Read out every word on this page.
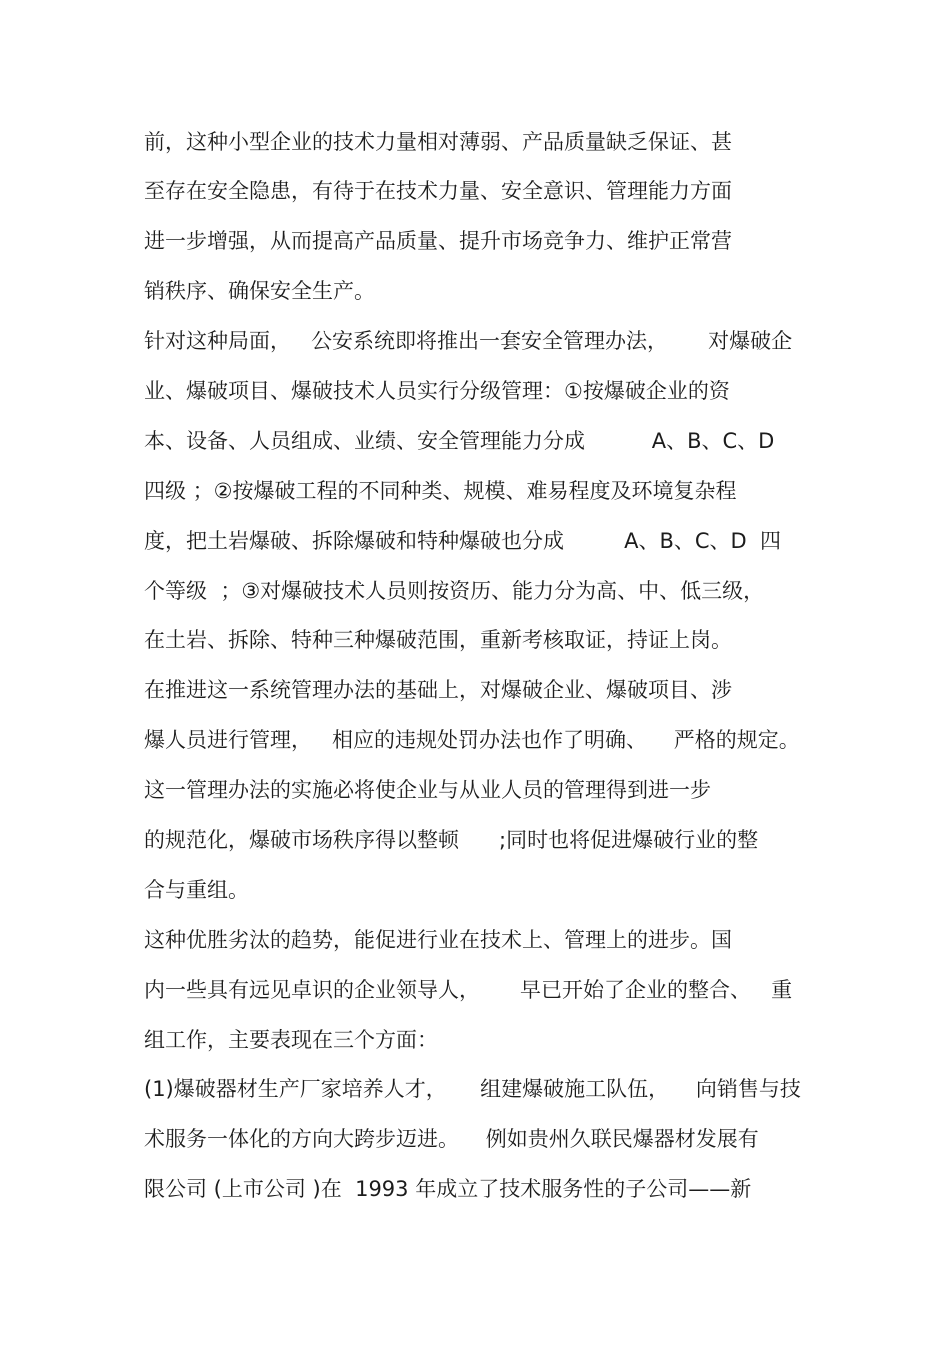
前，这种小型企业的技术力量相对薄弱、产品质量缺乏保证、甚
至存在安全隐患，有待于在技术力量、安全意识、管理能力方面
进一步增强，从而提高产品质量、提升市场竞争力、维护正常营
销秩序、确保安全生产。
针对这种局面，   公安系统即将推出一套安全管理办法，      对爆破企
业、爆破项目、爆破技术人员实行分级管理：①按爆破企业的资
本、设备、人员组成、业绩、安全管理能力分成          A、B、C、D
四级 ；②按爆破工程的不同种类、规模、难易程度及环境复杂程
度，把土岩爆破、拆除爆破和特种爆破也分成         A、B、C、D  四
个等级  ；③对爆破技术人员则按资历、能力分为高、中、低三级，
在土岩、拆除、特种三种爆破范围，重新考核取证，持证上岗。
在推进这一系统管理办法的基础上，对爆破企业、爆破项目、涉
爆人员进行管理，   相应的违规处罚办法也作了明确、    严格的规定。
这一管理办法的实施必将使企业与从业人员的管理得到进一步
的规范化，爆破市场秩序得以整顿      ;同时也将促进爆破行业的整
合与重组。
这种优胜劣汰的趋势，能促进行业在技术上、管理上的进步。国
内一些具有远见卓识的企业领导人，      早已开始了企业的整合、   重
组工作，主要表现在三个方面：
(1)爆破器材生产厂家培养人才，     组建爆破施工队伍，    向销售与技
术服务一体化的方向大跨步迈进。    例如贵州久联民爆器材发展有
限公司 (上市公司 )在  1993 年成立了技术服务性的子公司——新
